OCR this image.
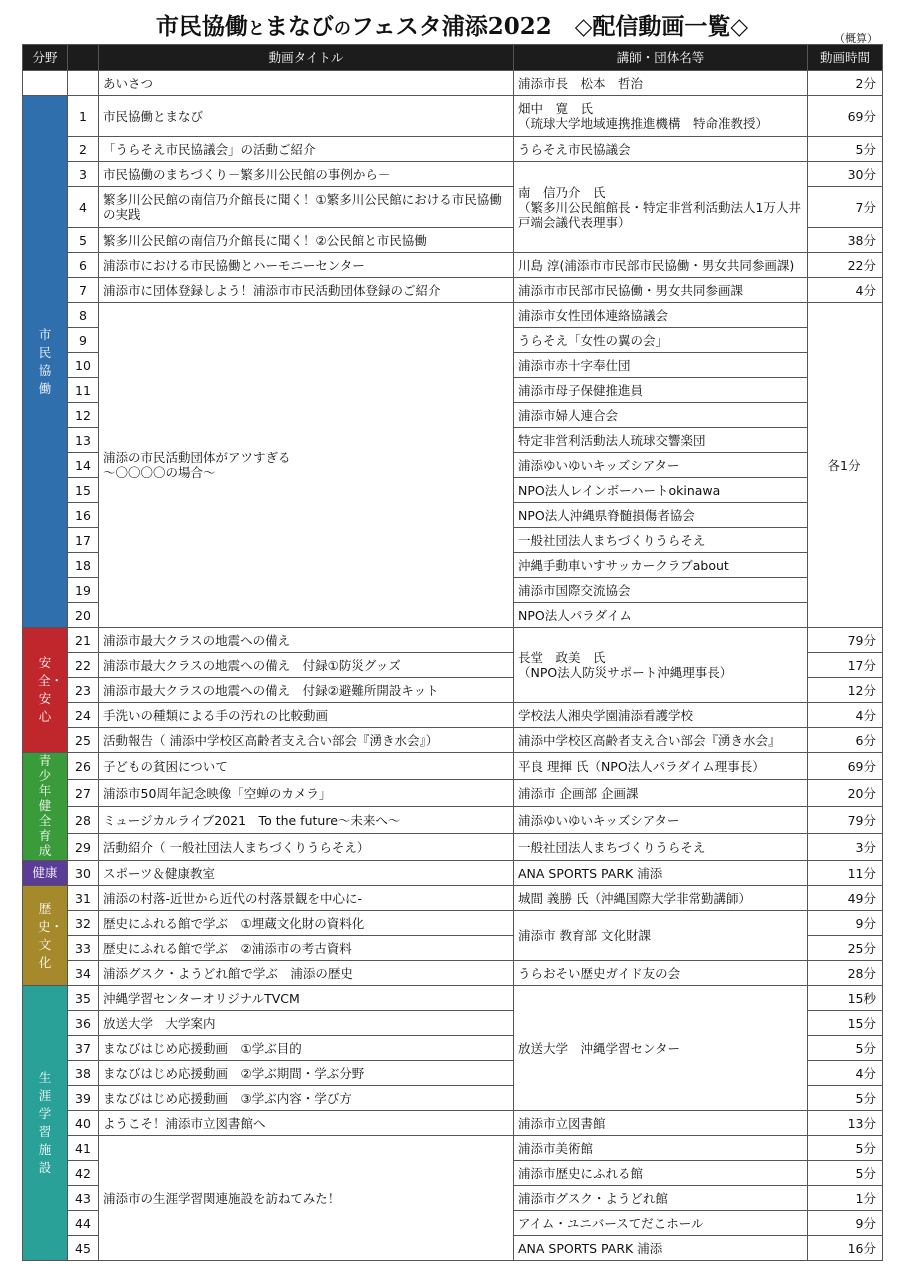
市民協働とまなびのフェスタ浦添2022　◇配信動画一覧◇	（概算）
分野		動画タイトル	講師・団体名等	動画時間
		あいさつ	浦添市長　松本　哲治	2分
市民協働	1	市民協働とまなび	畑中　寛　氏
（琉球大学地域連携推進機構　特命准教授）	69分
	2	「うらそえ市民協議会」の活動ご紹介	うらそえ市民協議会	5分
	3	市民協働のまちづくり－繁多川公民館の事例から－	南　信乃介　氏
（繁多川公民館館長・特定非営利活動法人1万人井戸端会議代表理事）	30分
	4	繁多川公民館の南信乃介館長に聞く！①繁多川公民館における市民協働の実践		7分
	5	繁多川公民館の南信乃介館長に聞く！②公民館と市民協働		38分
	6	浦添市における市民協働とハーモニーセンター	川島 淳(浦添市市民部市民協働・男女共同参画課)	22分
	7	浦添市に団体登録しよう！浦添市市民活動団体登録のご紹介	浦添市市民部市民協働・男女共同参画課	4分
	8	浦添の市民活動団体がアツすぎる
～〇〇〇〇の場合～	浦添市女性団体連絡協議会	各1分
	9		うらそえ「女性の翼の会」	
	10		浦添市赤十字奉仕団	
	11		浦添市母子保健推進員	
	12		浦添市婦人連合会	
	13		特定非営利活動法人琉球交響楽団	
	14		浦添ゆいゆいキッズシアター	
	15		NPO法人レインボーハートokinawa	
	16		NPO法人沖縄県脊髄損傷者協会	
	17		一般社団法人まちづくりうらそえ	
	18		沖縄手動車いすサッカークラブabout	
	19		浦添市国際交流協会	
	20		NPO法人パラダイム	
安全・安心	21	浦添市最大クラスの地震への備え	長堂　政美　氏
（NPO法人防災サポート沖縄理事長）	79分
	22	浦添市最大クラスの地震への備え　付録①防災グッズ		17分
	23	浦添市最大クラスの地震への備え　付録②避難所開設キット		12分
	24	手洗いの種類による手の汚れの比較動画	学校法人湘央学園浦添看護学校	4分
	25	活動報告（ 浦添中学校区高齢者支え合い部会『湧き水会』）	浦添中学校区高齢者支え合い部会『湧き水会』	6分
青少年健全育成	26	子どもの貧困について	平良 理揮 氏（NPO法人パラダイム理事長）	69分
	27	浦添市50周年記念映像「空蝉のカメラ」	浦添市 企画部 企画課	20分
	28	ミュージカルライブ2021　To the future～未来へ～	浦添ゆいゆいキッズシアター	79分
	29	活動紹介（ 一般社団法人まちづくりうらそえ）	一般社団法人まちづくりうらそえ	3分
健康	30	スポーツ＆健康教室	ANA SPORTS PARK 浦添	11分
歴史・文化	31	浦添の村落-近世から近代の村落景観を中心に-	城間 義勝 氏（沖縄国際大学非常勤講師）	49分
	32	歴史にふれる館で学ぶ　①埋蔵文化財の資料化	浦添市 教育部 文化財課	9分
	33	歴史にふれる館で学ぶ　②浦添市の考古資料		25分
	34	浦添グスク・ようどれ館で学ぶ　浦添の歴史	うらおそい歴史ガイド友の会	28分
生涯学習施設	35	沖縄学習センターオリジナルTVCM	放送大学　沖縄学習センター	15秒
	36	放送大学　大学案内		15分
	37	まなびはじめ応援動画　①学ぶ目的		5分
	38	まなびはじめ応援動画　②学ぶ期間・学ぶ分野		4分
	39	まなびはじめ応援動画　③学ぶ内容・学び方		5分
	40	ようこそ！浦添市立図書館へ	浦添市立図書館	13分
	41	浦添市の生涯学習関連施設を訪ねてみた！	浦添市美術館	5分
	42		浦添市歴史にふれる館	5分
	43		浦添市グスク・ようどれ館	1分
	44		アイム・ユニバースてだこホール	9分
	45		ANA SPORTS PARK 浦添	16分
